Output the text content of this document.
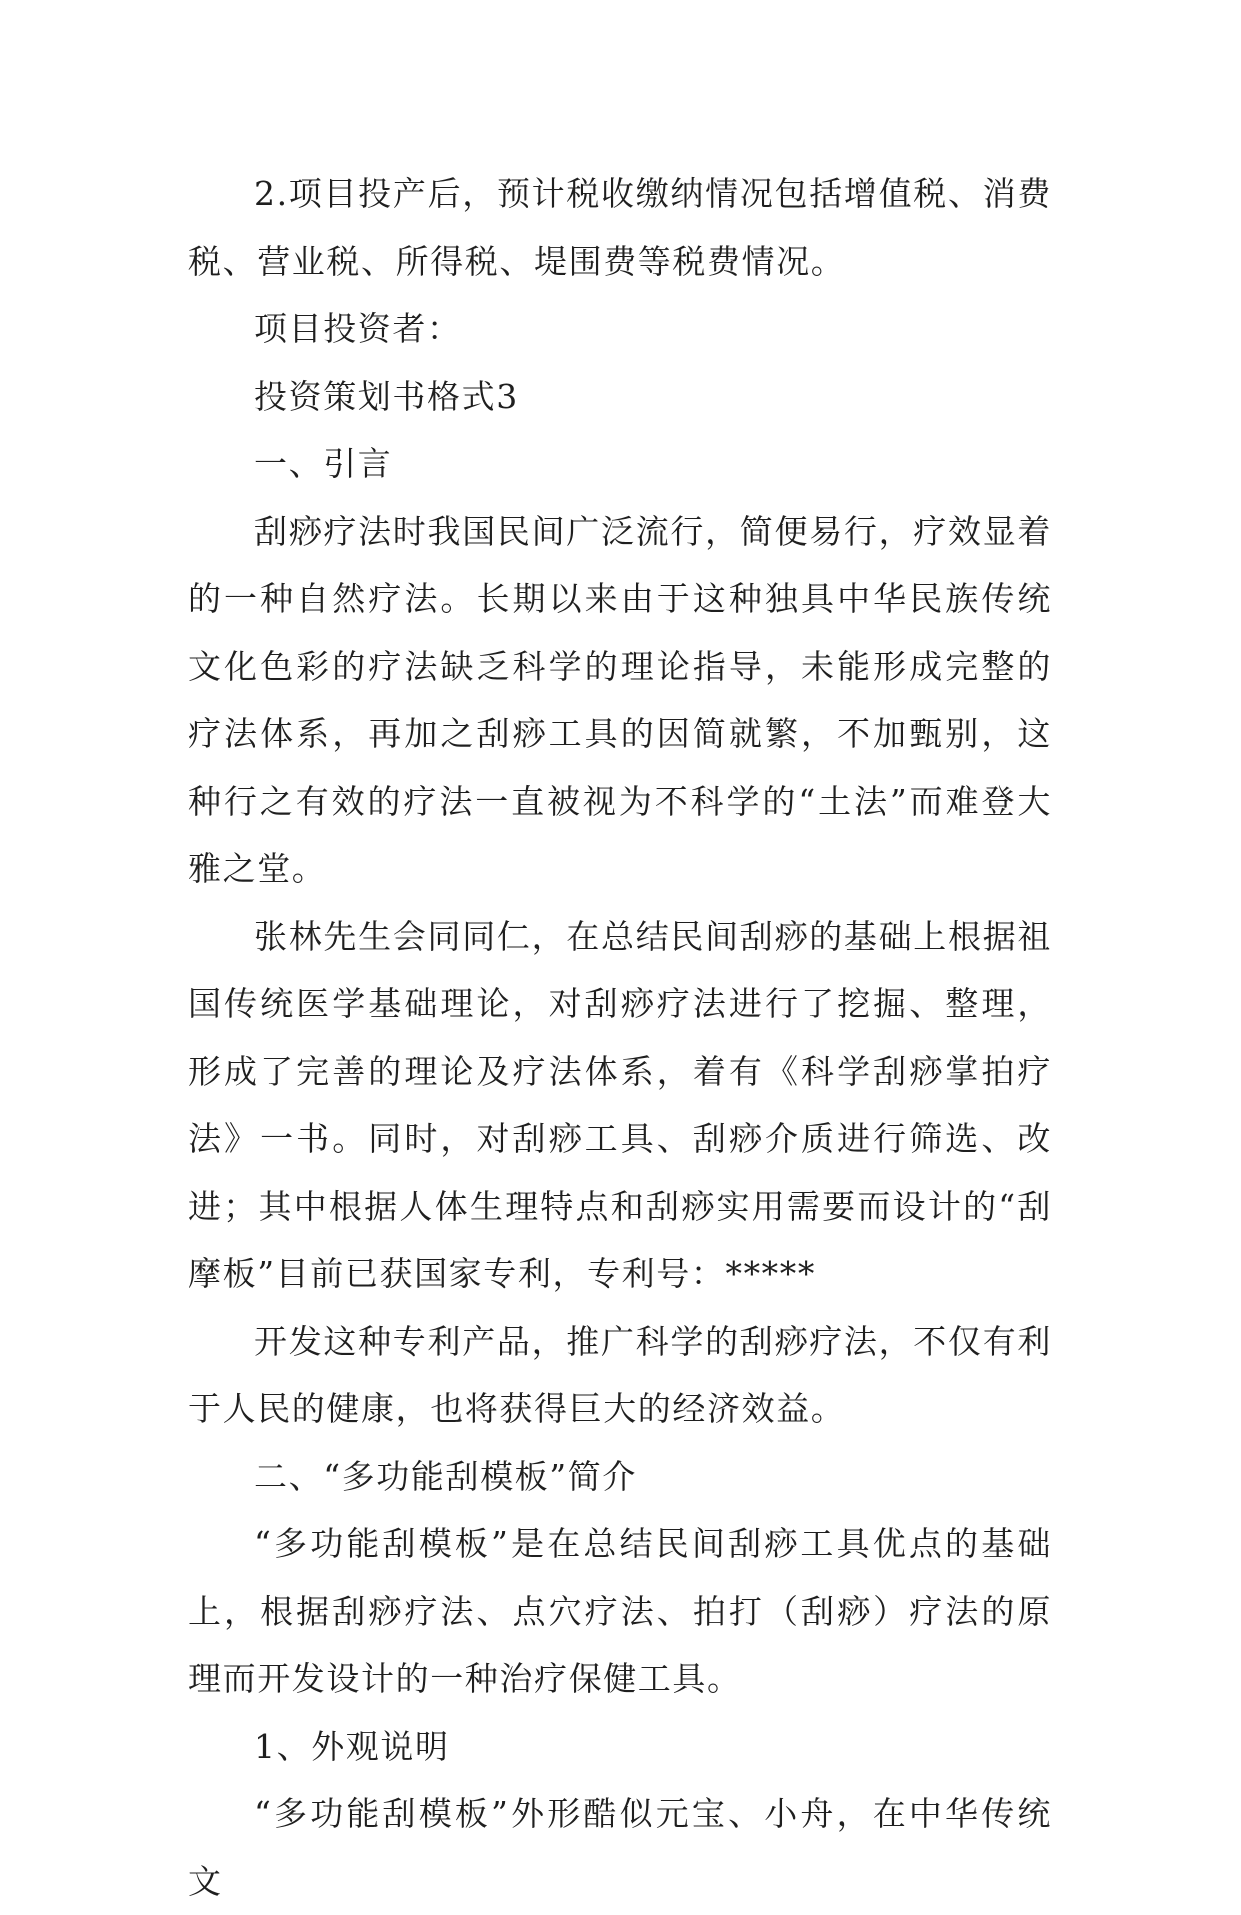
2.项目投产后，预计税收缴纳情况包括增值税、消费税、营业税、所得税、堤围费等税费情况。

项目投资者：

投资策划书格式3

一、引言

刮痧疗法时我国民间广泛流行，简便易行，疗效显着的一种自然疗法。长期以来由于这种独具中华民族传统文化色彩的疗法缺乏科学的理论指导，未能形成完整的疗法体系，再加之刮痧工具的因简就繁，不加甄别，这种行之有效的疗法一直被视为不科学的“土法”而难登大雅之堂。

张林先生会同同仁，在总结民间刮痧的基础上根据祖国传统医学基础理论，对刮痧疗法进行了挖掘、整理，形成了完善的理论及疗法体系，着有《科学刮痧掌拍疗法》一书。同时，对刮痧工具、刮痧介质进行筛选、改进；其中根据人体生理特点和刮痧实用需要而设计的“刮摩板”目前已获国家专利，专利号：*****

开发这种专利产品，推广科学的刮痧疗法，不仅有利于人民的健康，也将获得巨大的经济效益。

二、“多功能刮模板”简介

“多功能刮模板”是在总结民间刮痧工具优点的基础上，根据刮痧疗法、点穴疗法、拍打（刮痧）疗法的原理而开发设计的一种治疗保健工具。

1、外观说明

“多功能刮模板”外形酷似元宝、小舟，在中华传统文
